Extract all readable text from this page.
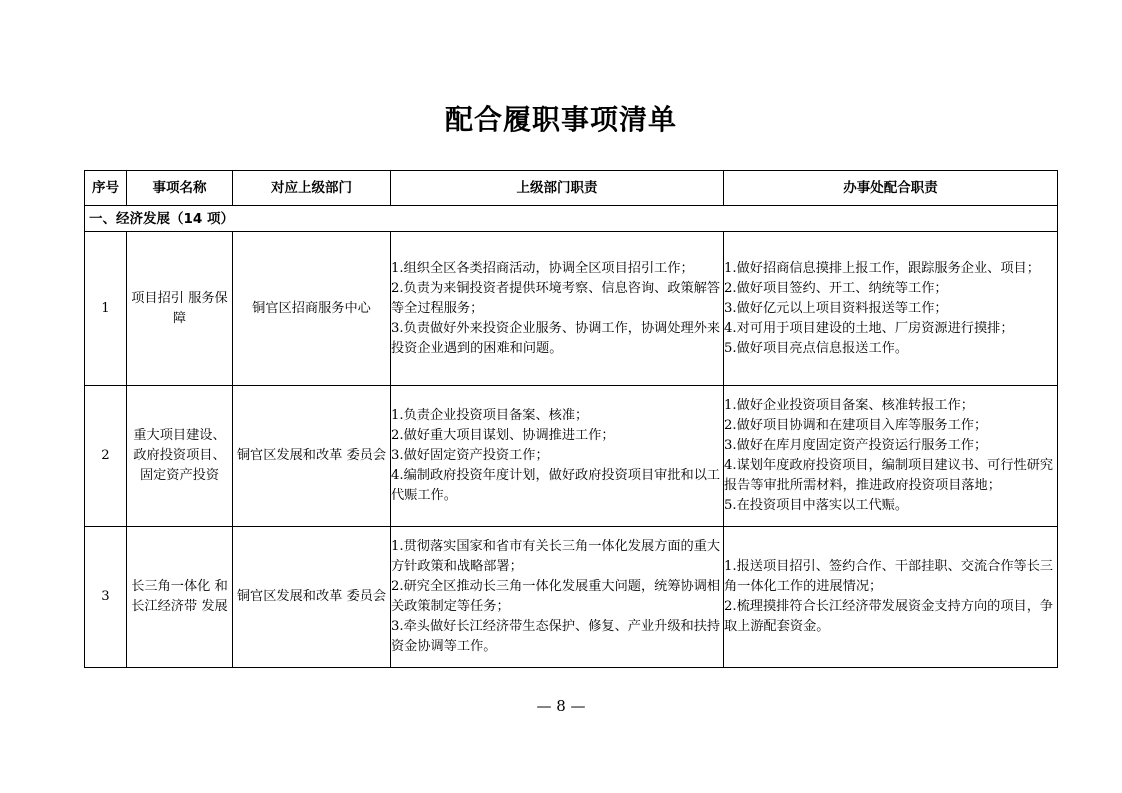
配合履职事项清单
序号	事项名称	对应上级部门	上级部门职责	办事处配合职责
一、经济发展（14 项）				
1	项目招引 服务保障	铜官区招商服务中心	1.组织全区各类招商活动，协调全区项目招引工作；
2.负责为来铜投资者提供环境考察、信息咨询、政策解答等全过程服务；
3.负责做好外来投资企业服务、协调工作，协调处理外来投资企业遇到的困难和问题。	1.做好招商信息摸排上报工作，跟踪服务企业、项目；
2.做好项目签约、开工、纳统等工作；
3.做好亿元以上项目资料报送等工作；
4.对可用于项目建设的土地、厂房资源进行摸排；
5.做好项目亮点信息报送工作。

2	重大项目建设、 政府投资项目、 固定资产投资	铜官区发展和改革 委员会	1.负责企业投资项目备案、核准；
2.做好重大项目谋划、协调推进工作；
3.做好固定资产投资工作；
4.编制政府投资年度计划，做好政府投资项目审批和以工代赈工作。	1.做好企业投资项目备案、核准转报工作；
2.做好项目协调和在建项目入库等服务工作；
3.做好在库月度固定资产投资运行服务工作；
4.谋划年度政府投资项目，编制项目建议书、可行性研究报告等审批所需材料，推进政府投资项目落地；
5.在投资项目中落实以工代赈。

3	长三角一体化 和长江经济带 发展	铜官区发展和改革 委员会	1.贯彻落实国家和省市有关长三角一体化发展方面的重大方针政策和战略部署；
2.研究全区推动长三角一体化发展重大问题，统筹协调相关政策制定等任务；
3.牵头做好长江经济带生态保护、修复、产业升级和扶持资金协调等工作。	1.报送项目招引、签约合作、干部挂职、交流合作等长三角一体化工作的进展情况；
2.梳理摸排符合长江经济带发展资金支持方向的项目，争取上游配套资金。
— 8 —
